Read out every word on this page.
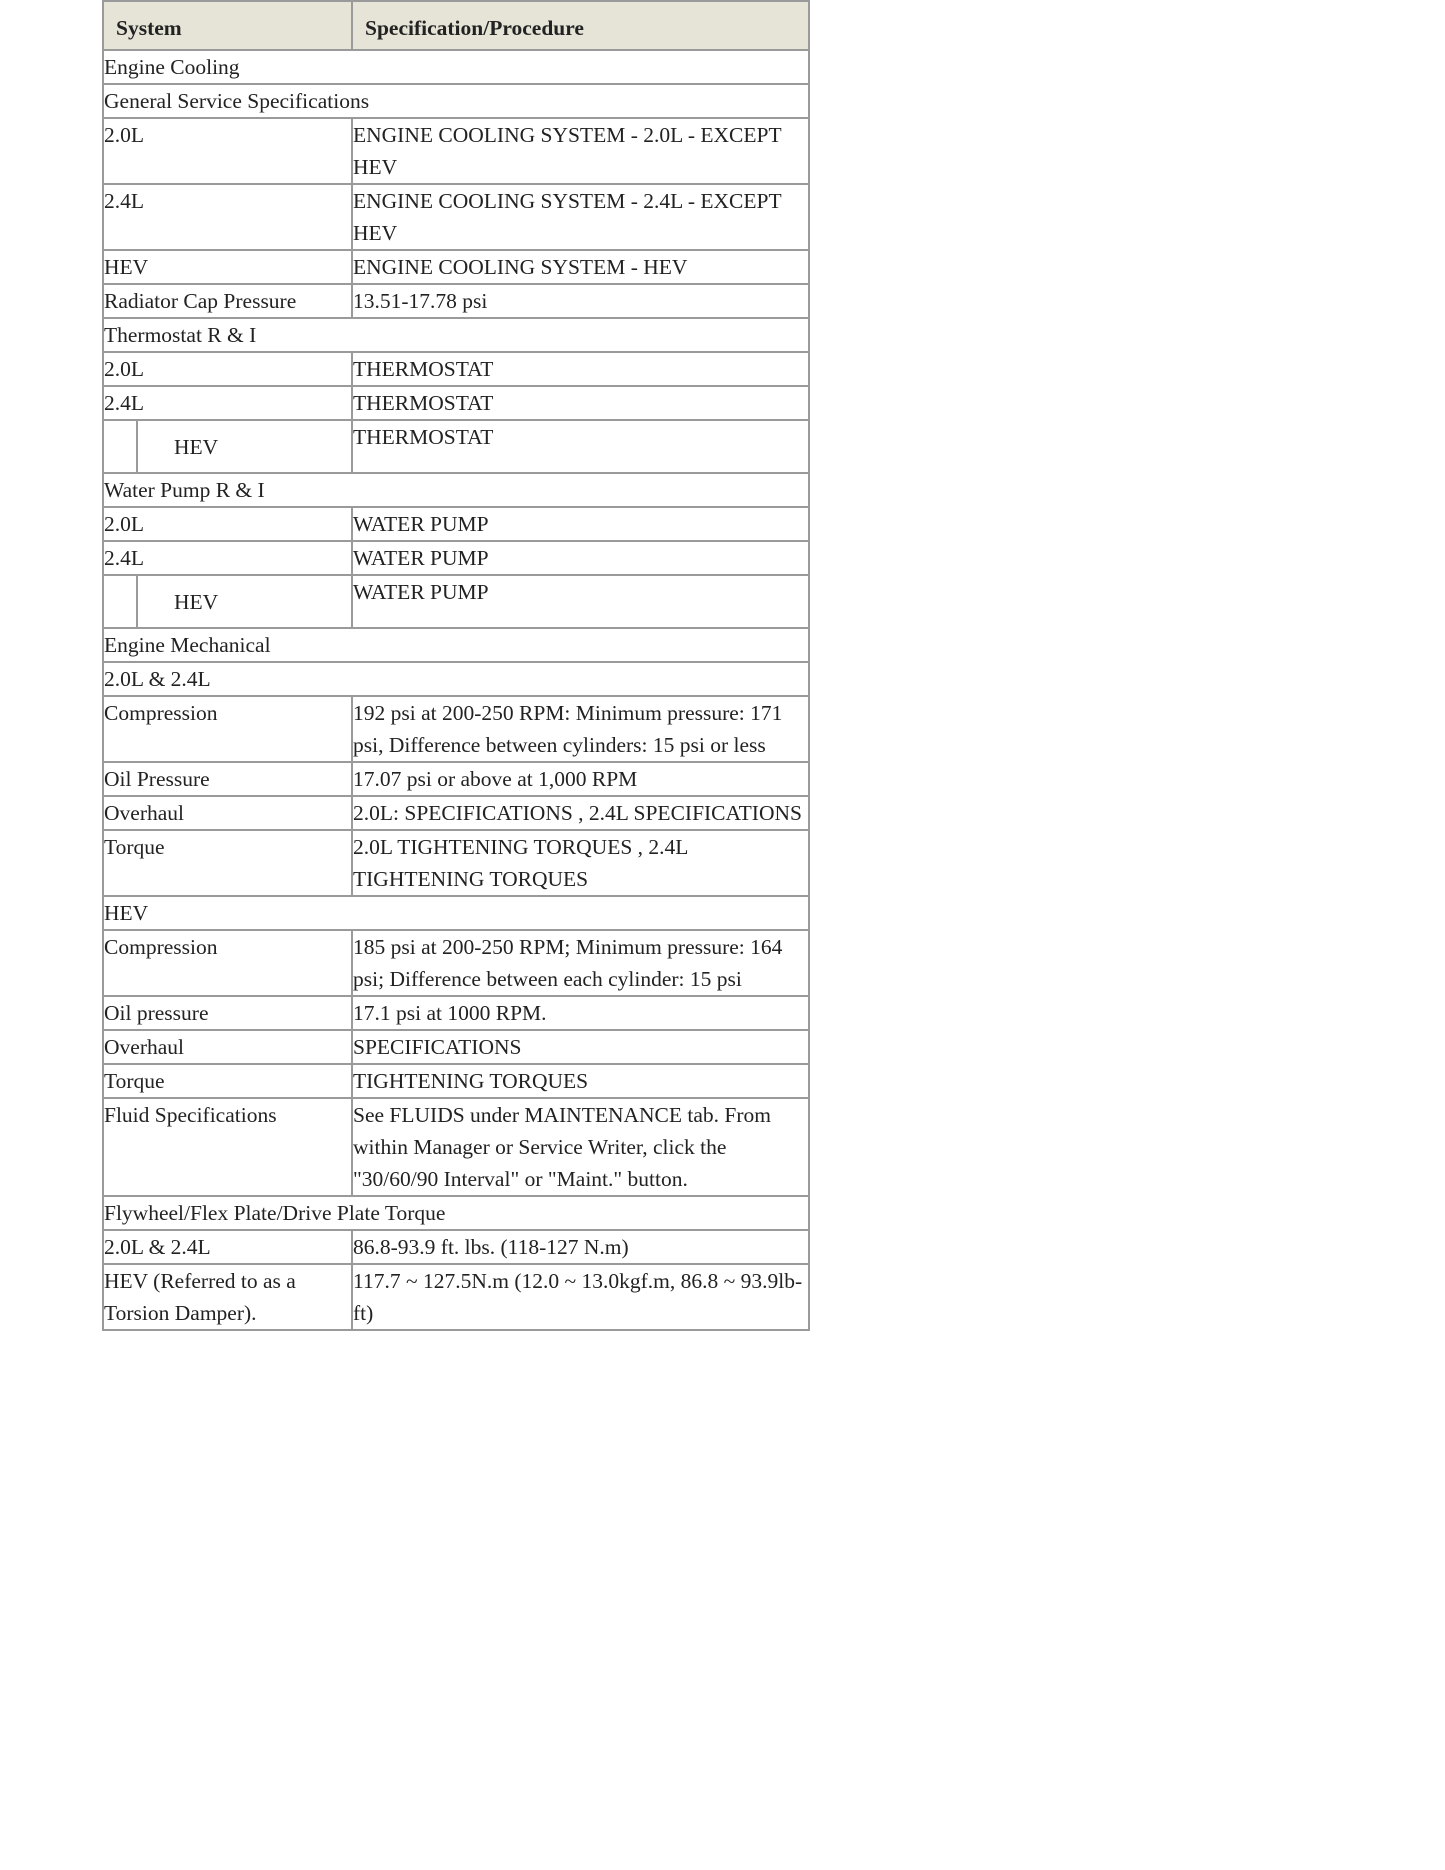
System	Specification/Procedure
Engine Cooling	
General Service Specifications	
2.0L	ENGINE COOLING SYSTEM - 2.0L - EXCEPT HEV
2.4L	ENGINE COOLING SYSTEM - 2.4L - EXCEPT HEV
HEV	ENGINE COOLING SYSTEM - HEV
Radiator Cap Pressure	13.51-17.78 psi
Thermostat R & I	
2.0L	THERMOSTAT
2.4L	THERMOSTAT

HEV	THERMOSTAT
Water Pump R & I	
2.0L	WATER PUMP
2.4L	WATER PUMP

HEV	WATER PUMP
Engine Mechanical	
2.0L & 2.4L	
Compression	192 psi at 200-250 RPM: Minimum pressure: 171 psi, Difference between cylinders: 15 psi or less
Oil Pressure	17.07 psi or above at 1,000 RPM
Overhaul	2.0L: SPECIFICATIONS , 2.4L SPECIFICATIONS
Torque	2.0L TIGHTENING TORQUES , 2.4L TIGHTENING TORQUES
HEV	
Compression	185 psi at 200-250 RPM; Minimum pressure: 164 psi; Difference between each cylinder: 15 psi
Oil pressure	17.1 psi at 1000 RPM.
Overhaul	SPECIFICATIONS
Torque	TIGHTENING TORQUES
Fluid Specifications	See FLUIDS under MAINTENANCE tab. From within Manager or Service Writer, click the "30/60/90 Interval" or "Maint." button.
Flywheel/Flex Plate/Drive Plate Torque	
2.0L & 2.4L	86.8-93.9 ft. lbs. (118-127 N.m)
HEV (Referred to as a Torsion Damper).	117.7 ~ 127.5N.m (12.0 ~ 13.0kgf.m, 86.8 ~ 93.9lb-ft)
